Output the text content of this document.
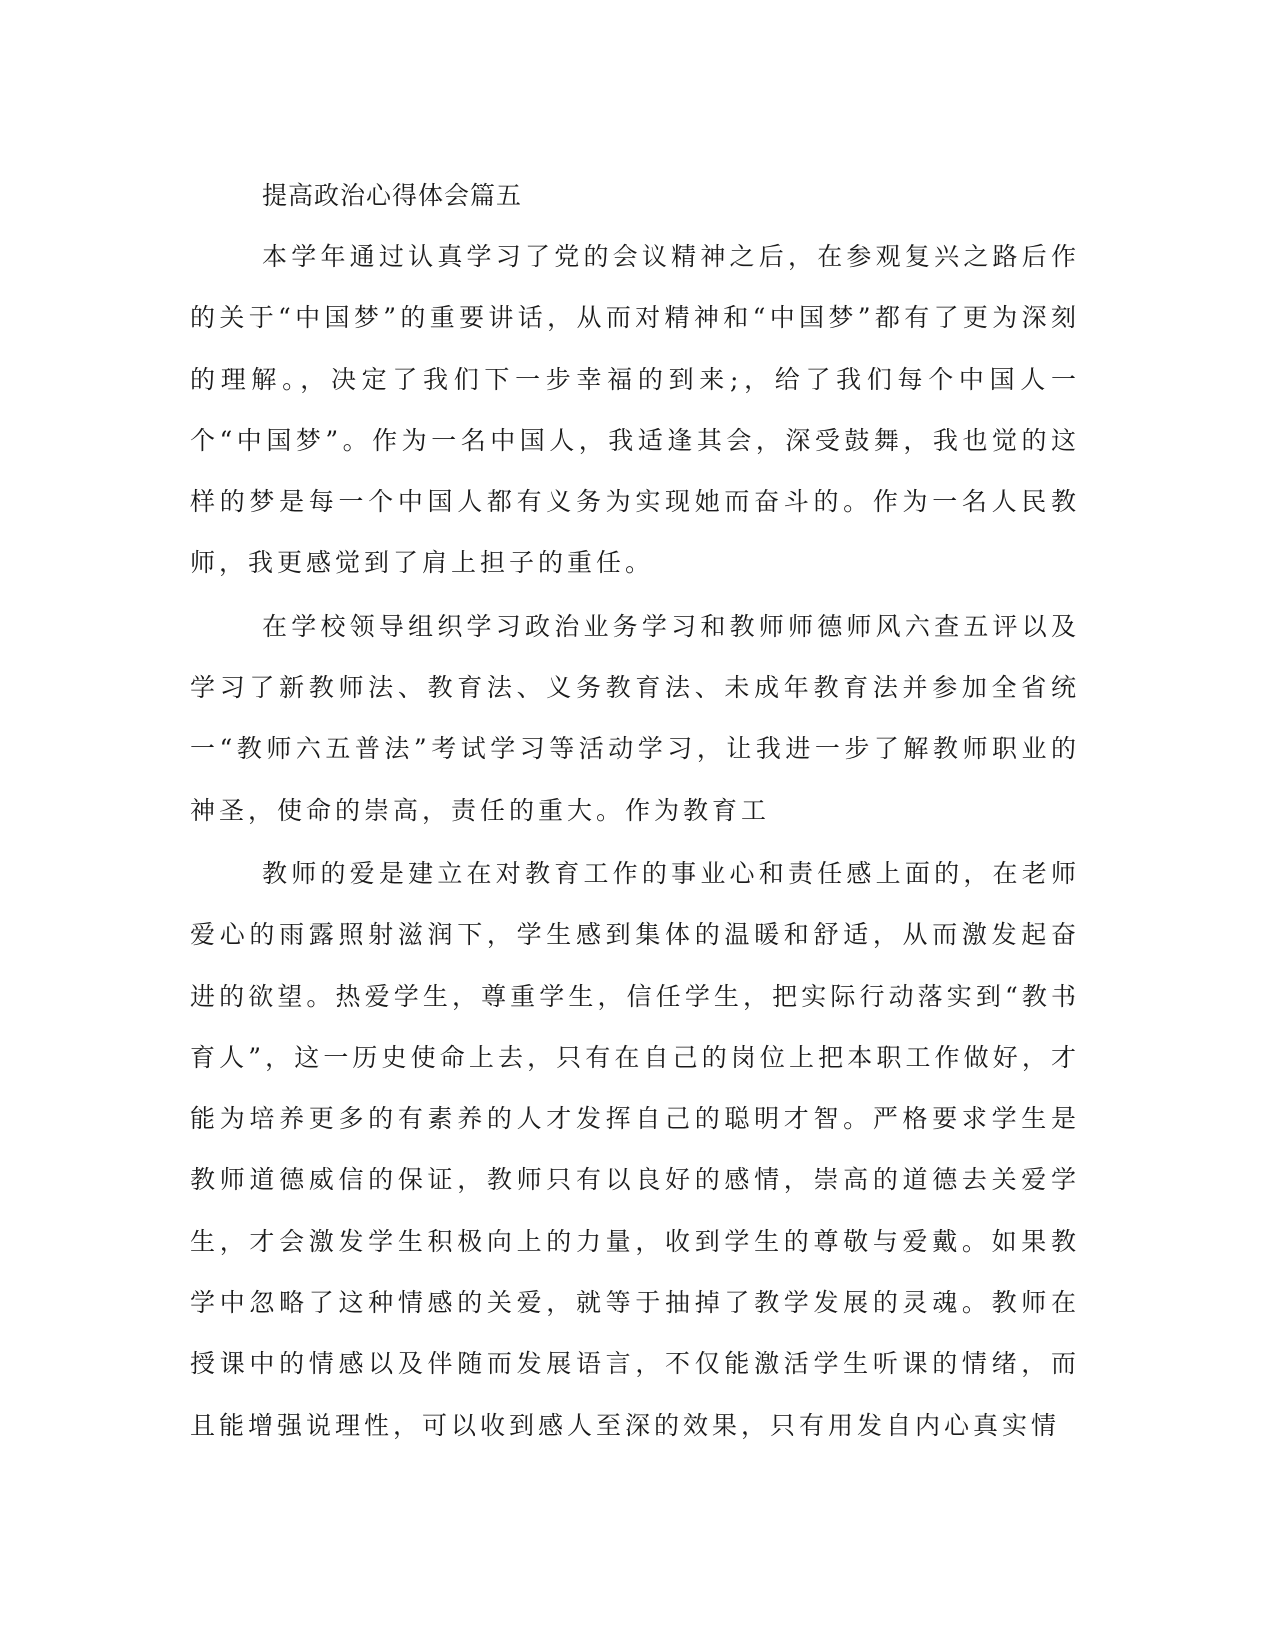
提高政治心得体会篇五

本学年通过认真学习了党的会议精神之后，在参观复兴之路后作的关于“中国梦”的重要讲话，从而对精神和“中国梦”都有了更为深刻的理解。，决定了我们下一步幸福的到来;，给了我们每个中国人一个“中国梦”。作为一名中国人，我适逢其会，深受鼓舞，我也觉的这样的梦是每一个中国人都有义务为实现她而奋斗的。作为一名人民教师，我更感觉到了肩上担子的重任。

在学校领导组织学习政治业务学习和教师师德师风六查五评以及学习了新教师法、教育法、义务教育法、未成年教育法并参加全省统一“教师六五普法”考试学习等活动学习，让我进一步了解教师职业的神圣，使命的崇高，责任的重大。作为教育工

教师的爱是建立在对教育工作的事业心和责任感上面的，在老师爱心的雨露照射滋润下，学生感到集体的温暖和舒适，从而激发起奋进的欲望。热爱学生，尊重学生，信任学生，把实际行动落实到“教书育人”，这一历史使命上去，只有在自己的岗位上把本职工作做好，才能为培养更多的有素养的人才发挥自己的聪明才智。严格要求学生是教师道德威信的保证，教师只有以良好的感情，崇高的道德去关爱学生，才会激发学生积极向上的力量，收到学生的尊敬与爱戴。如果教学中忽略了这种情感的关爱，就等于抽掉了教学发展的灵魂。教师在授课中的情感以及伴随而发展语言，不仅能激活学生听课的情绪，而且能增强说理性，可以收到感人至深的效果，只有用发自内心真实情
